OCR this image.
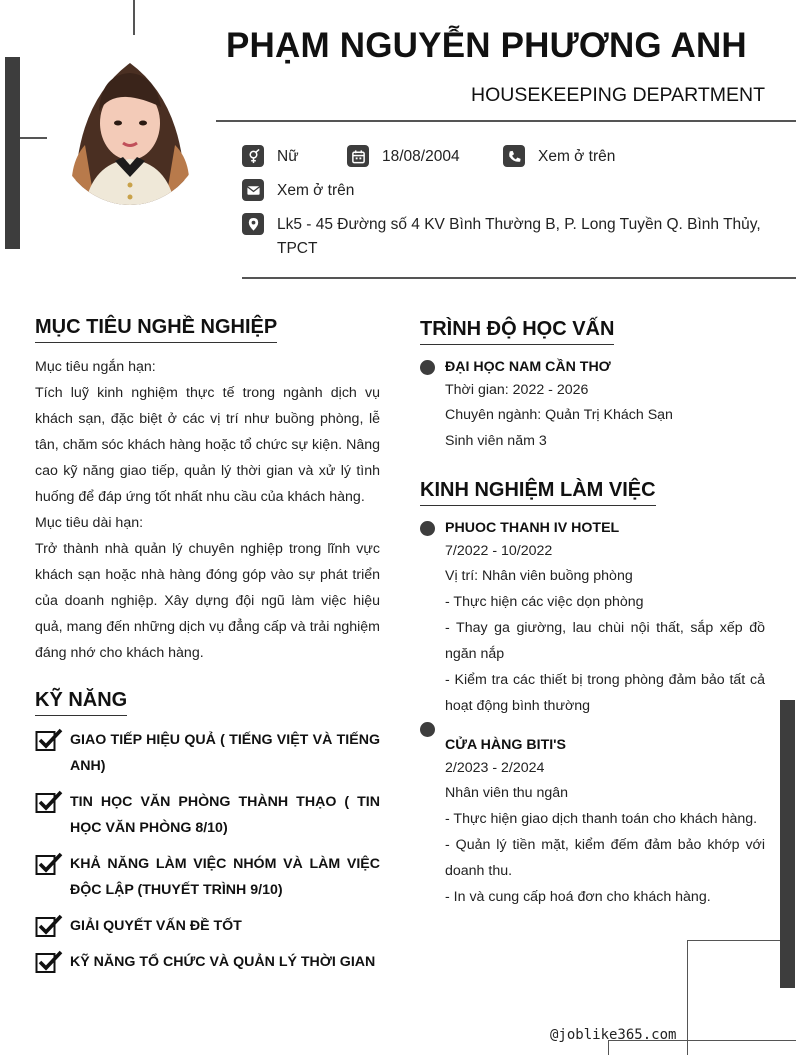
PHẠM NGUYỄN PHƯƠNG ANH
HOUSEKEEPING DEPARTMENT
Nữ	18/08/2004	Xem ở trên
Xem ở trên
Lk5 - 45 Đường số 4 KV Bình Thường B, P. Long Tuyền Q. Bình Thủy, TPCT
MỤC TIÊU NGHỀ NGHIỆP

Mục tiêu ngắn hạn:

Tích luỹ kinh nghiệm thực tế trong ngành dịch vụ khách sạn, đặc biệt ở các vị trí như buồng phòng, lễ tân, chăm sóc khách hàng hoặc tổ chức sự kiện. Nâng cao kỹ năng giao tiếp, quản lý thời gian và xử lý tình huống để đáp ứng tốt nhất nhu cầu của khách hàng.

Mục tiêu dài hạn:

Trở thành nhà quản lý chuyên nghiệp trong lĩnh vực khách sạn hoặc nhà hàng đóng góp vào sự phát triển của doanh nghiệp. Xây dựng đội ngũ làm việc hiệu quả, mang đến những dịch vụ đẳng cấp và trải nghiệm đáng nhớ cho khách hàng.

KỸ NĂNG
GIAO TIẾP HIỆU QUẢ ( TIẾNG VIỆT VÀ TIẾNG ANH)
TIN HỌC VĂN PHÒNG THÀNH THẠO ( TIN HỌC VĂN PHÒNG 8/10)
KHẢ NĂNG LÀM VIỆC NHÓM VÀ LÀM VIỆC ĐỘC LẬP (THUYẾT TRÌNH 9/10)
GIẢI QUYẾT VẤN ĐỀ TỐT
KỸ NĂNG TỔ CHỨC VÀ QUẢN LÝ THỜI GIAN
TRÌNH ĐỘ HỌC VẤN
ĐẠI HỌC NAM CẦN THƠ
Thời gian: 2022 - 2026
Chuyên ngành: Quản Trị Khách Sạn
Sinh viên năm 3
KINH NGHIỆM LÀM VIỆC
PHUOC THANH IV HOTEL
7/2022 - 10/2022
Vị trí: Nhân viên buồng phòng
- Thực hiện các việc dọn phòng
- Thay ga giường, lau chùi nội thất, sắp xếp đồ ngăn nắp
- Kiểm tra các thiết bị trong phòng đảm bảo tất cả hoạt động bình thường
CỬA HÀNG BITI'S
2/2023 - 2/2024
Nhân viên thu ngân
- Thực hiện giao dịch thanh toán cho khách hàng.
- Quản lý tiền mặt, kiểm đếm đảm bảo khớp với doanh thu.
- In và cung cấp hoá đơn cho khách hàng.
@joblike365.com
